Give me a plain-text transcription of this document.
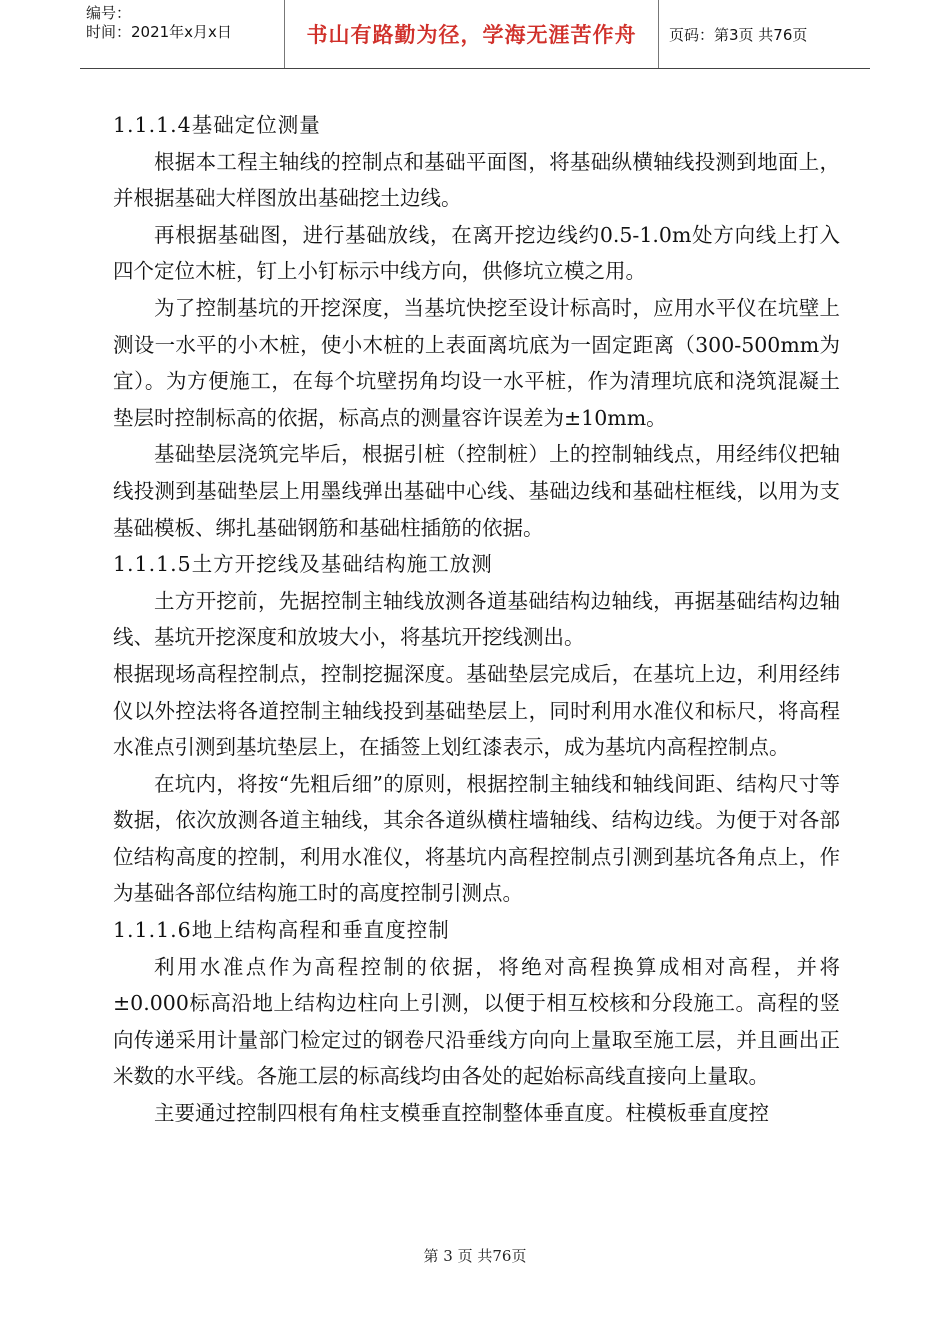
编号：
时间：2021年x月x日	书山有路勤为径，学海无涯苦作舟	页码：第3页 共76页

1.1.1.4基础定位测量

根据本工程主轴线的控制点和基础平面图，将基础纵横轴线投测到地面上，并根据基础大样图放出基础挖土边线。

再根据基础图，进行基础放线，在离开挖边线约0.5-1.0m处方向线上打入四个定位木桩，钉上小钉标示中线方向，供修坑立模之用。

为了控制基坑的开挖深度，当基坑快挖至设计标高时，应用水平仪在坑壁上测设一水平的小木桩，使小木桩的上表面离坑底为一固定距离（300-500mm为宜）。为方便施工，在每个坑壁拐角均设一水平桩，作为清理坑底和浇筑混凝土垫层时控制标高的依据，标高点的测量容许误差为±10mm。

基础垫层浇筑完毕后，根据引桩（控制桩）上的控制轴线点，用经纬仪把轴线投测到基础垫层上用墨线弹出基础中心线、基础边线和基础柱框线，以用为支基础模板、绑扎基础钢筋和基础柱插筋的依据。

1.1.1.5土方开挖线及基础结构施工放测

土方开挖前，先据控制主轴线放测各道基础结构边轴线，再据基础结构边轴线、基坑开挖深度和放坡大小，将基坑开挖线测出。

根据现场高程控制点，控制挖掘深度。基础垫层完成后，在基坑上边，利用经纬仪以外控法将各道控制主轴线投到基础垫层上，同时利用水准仪和标尺，将高程水准点引测到基坑垫层上，在插签上划红漆表示，成为基坑内高程控制点。

在坑内，将按“先粗后细”的原则，根据控制主轴线和轴线间距、结构尺寸等数据，依次放测各道主轴线，其余各道纵横柱墙轴线、结构边线。为便于对各部位结构高度的控制，利用水准仪，将基坑内高程控制点引测到基坑各角点上，作为基础各部位结构施工时的高度控制引测点。

1.1.1.6地上结构高程和垂直度控制

利用水准点作为高程控制的依据，将绝对高程换算成相对高程，并将±0.000标高沿地上结构边柱向上引测，以便于相互校核和分段施工。高程的竖向传递采用计量部门检定过的钢卷尺沿垂线方向向上量取至施工层，并且画出正米数的水平线。各施工层的标高线均由各处的起始标高线直接向上量取。

主要通过控制四根有角柱支模垂直控制整体垂直度。柱模板垂直度控

第 3 页 共76页
